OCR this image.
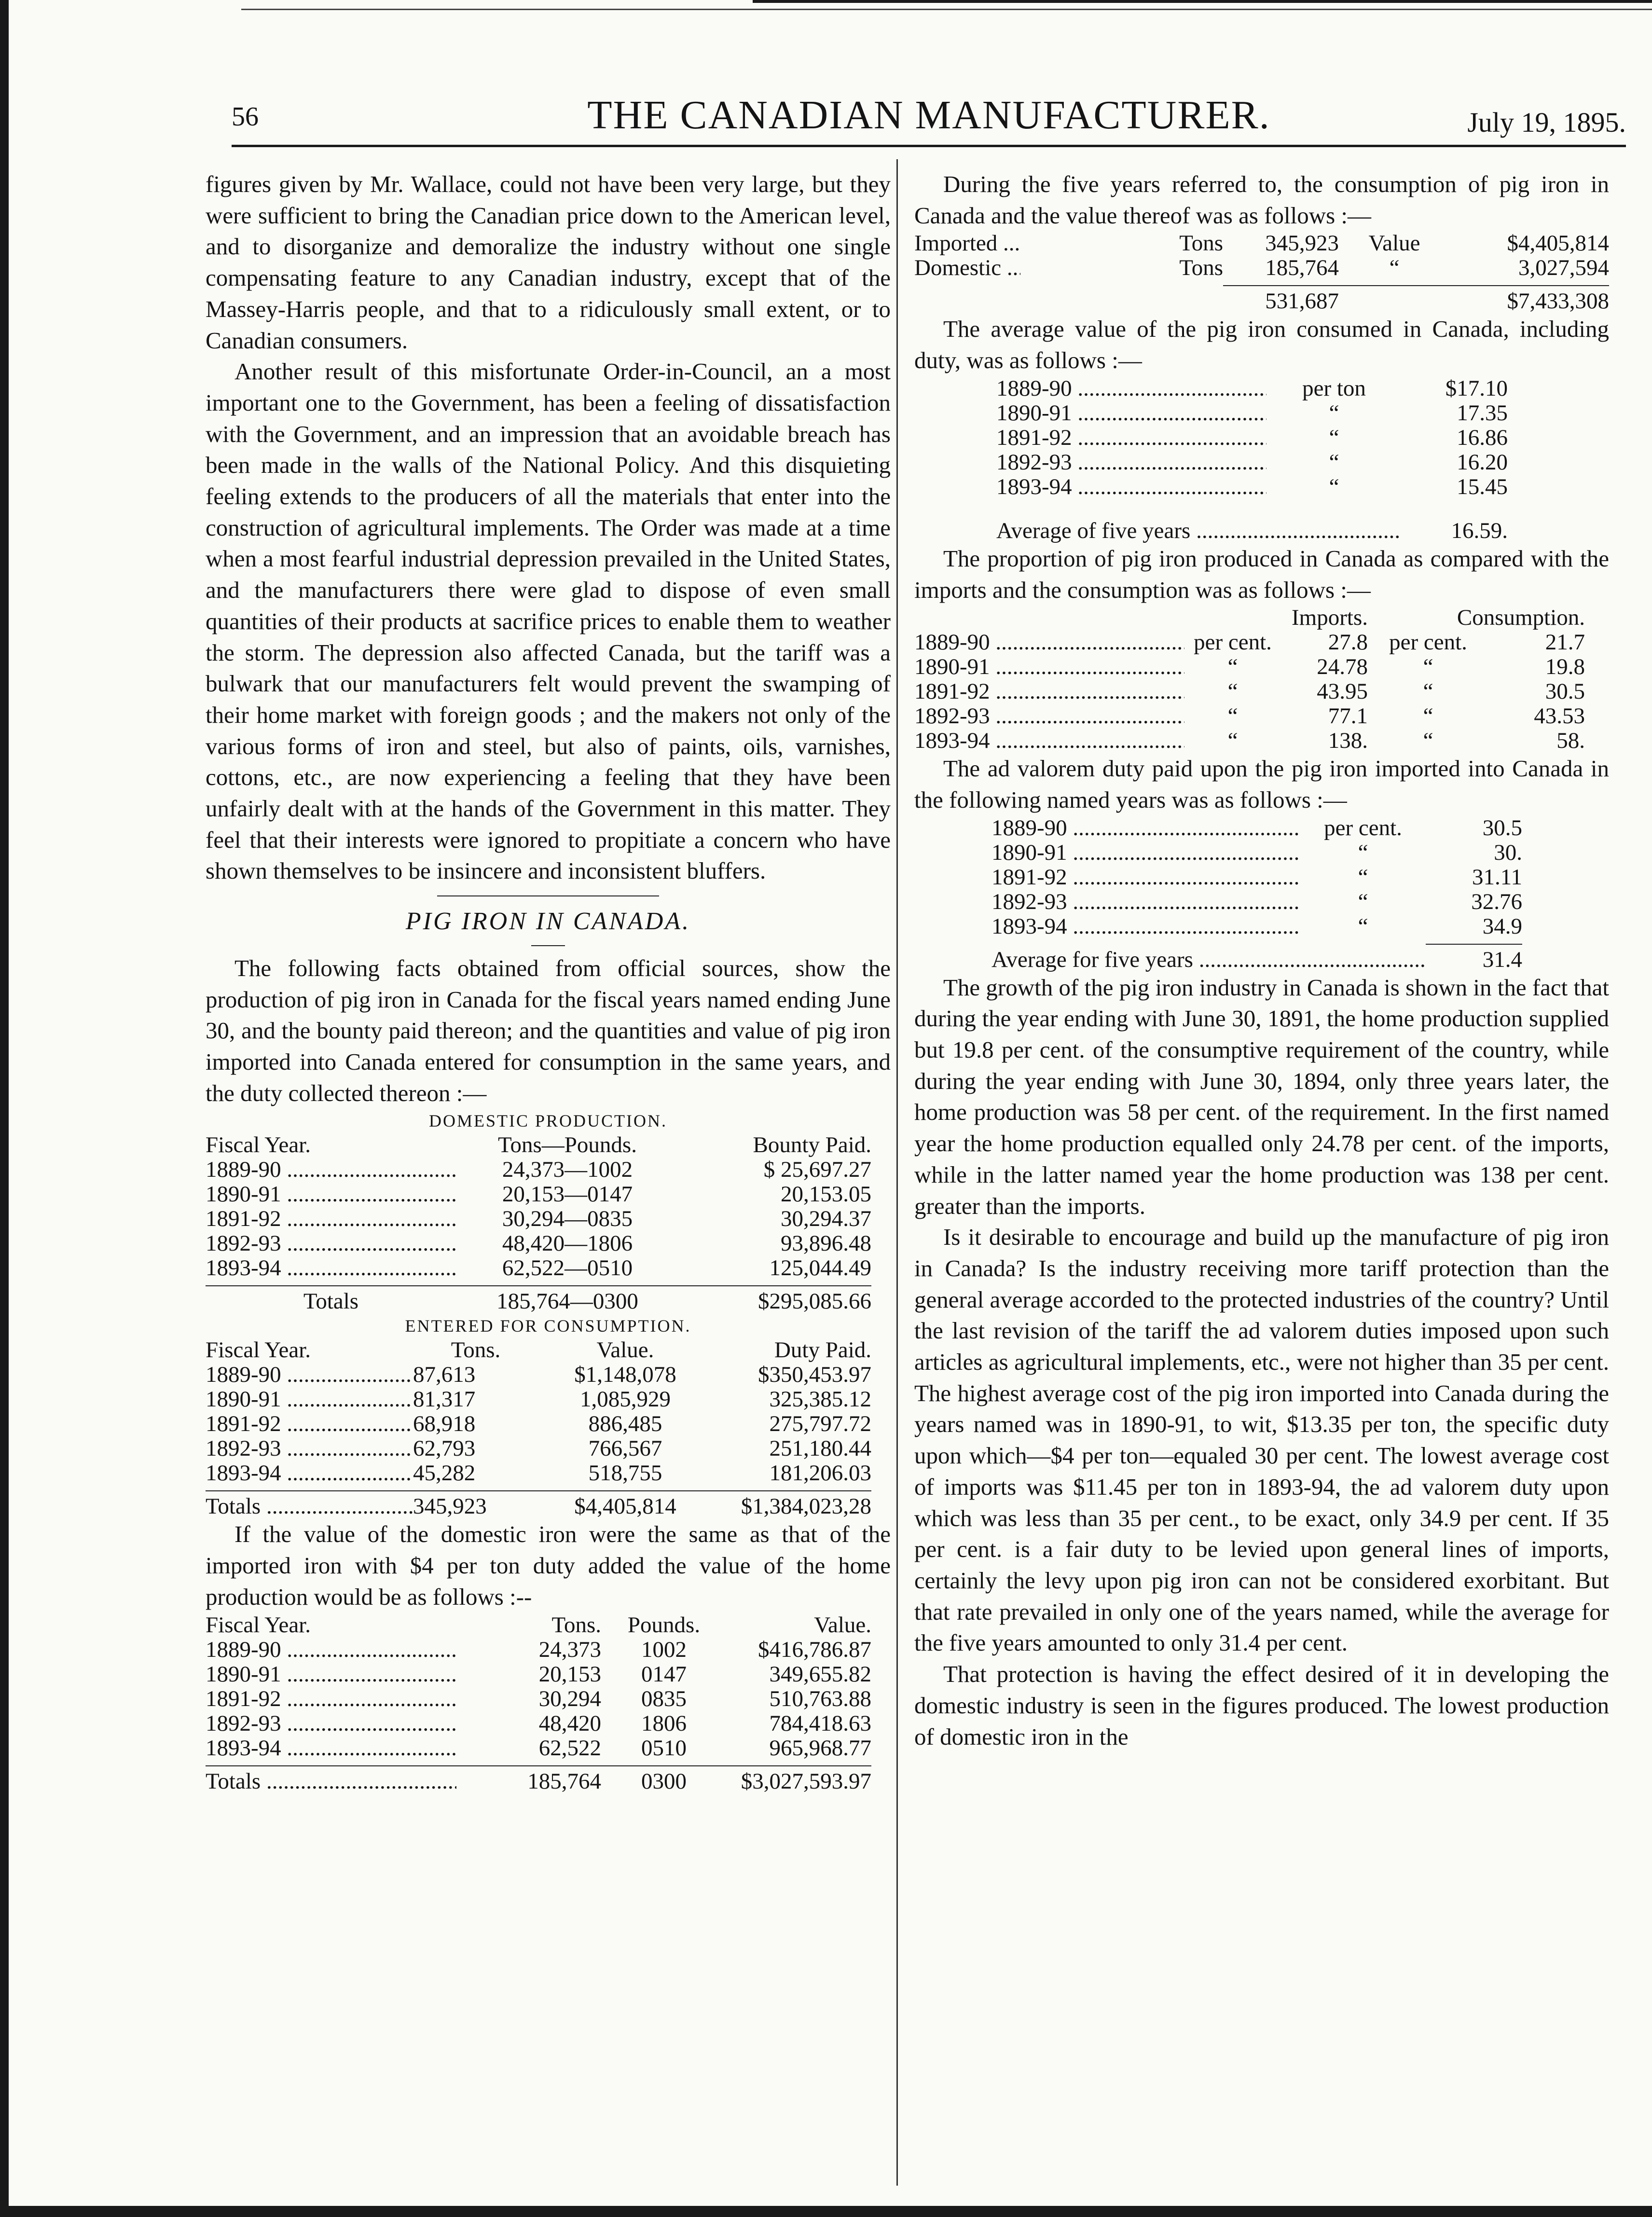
56	THE CANADIAN MANUFACTURER.	July 19, 1895.

figures given by Mr. Wallace, could not have been very large, but they were sufficient to bring the Canadian price down to the American level, and to disorganize and demoralize the industry without one single compensating feature to any Canadian industry, except that of the Massey-Harris people, and that to a ridiculously small extent, or to Canadian consumers.

Another result of this misfortunate Order-in-Council, an a most important one to the Government, has been a feeling of dissatisfaction with the Government, and an impression that an avoidable breach has been made in the walls of the National Policy. And this disquieting feeling extends to the producers of all the materials that enter into the construction of agricultural implements. The Order was made at a time when a most fearful industrial depression prevailed in the United States, and the manufacturers there were glad to dispose of even small quantities of their products at sacrifice prices to enable them to weather the storm. The depression also affected Canada, but the tariff was a bulwark that our manufacturers felt would prevent the swamping of their home market with foreign goods ; and the makers not only of the various forms of iron and steel, but also of paints, oils, varnishes, cottons, etc., are now experiencing a feeling that they have been unfairly dealt with at the hands of the Government in this matter. They feel that their interests were ignored to propitiate a concern who have shown themselves to be insincere and inconsistent bluffers.

PIG IRON IN CANADA.

The following facts obtained from official sources, show the production of pig iron in Canada for the fiscal years named ending June 30, and the bounty paid thereon; and the quantities and value of pig iron imported into Canada entered for consumption in the same years, and the duty collected thereon :—

DOMESTIC PRODUCTION.
Fiscal Year.	Tons—Pounds.	Bounty Paid.
1889-90 .....	24,373—1002	$ 25,697.27
1890-91 .....	20,153—0147	20,153.05
1891-92 .....	30,294—0835	30,294.37
1892-93 .....	48,420—1806	93,896.48
1893-94 .....	62,522—0510	125,044.49
Totals	185,764—0300	$295,085.66
ENTERED FOR CONSUMPTION.
Fiscal Year.	Tons.	Value.	Duty Paid.
1889-90 .....	87,613	$1,148,078	$350,453.97
1890-91 .....	81,317	1,085,929	325,385.12
1891-92 .....	68,918	886,485	275,797.72
1892-93 .....	62,793	766,567	251,180.44
1893-94 .....	45,282	518,755	181,206.03
Totals .....	345,923	$4,405,814	$1,384,023,28

If the value of the domestic iron were the same as that of the imported iron with $4 per ton duty added the value of the home production would be as follows :--

Fiscal Year.	Tons.	Pounds.	Value.
1889-90 .....	24,373	1002	$416,786.87
1890-91 .....	20,153	0147	349,655.82
1891-92 .....	30,294	0835	510,763.88
1892-93 .....	48,420	1806	784,418.63
1893-94 .....	62,522	0510	965,968.77
Totals .....	185,764	0300	$3,027,593.97

During the five years referred to, the consumption of pig iron in Canada and the value thereof was as follows :—

Imported .....	Tons	345,923	Value	$4,405,814
Domestic .....	Tons	185,764	“	3,027,594
531,687	$7,433,308

The average value of the pig iron consumed in Canada, including duty, was as follows :—

1889-90 .....	per ton	$17.10
1890-91 .....	“	17.35
1891-92 .....	“	16.86
1892-93 .....	“	16.20
1893-94 .....	“	15.45
Average of five years .....	16.59.

The proportion of pig iron produced in Canada as compared with the imports and the consumption was as follows :—

Imports.	Consumption.
1889-90 .....	per cent.	27.8 per cent.	21.7
1890-91 .....	“	24.78	“	19.8
1891-92 .....	“	43.95	“	30.5
1892-93 .....	“	77.1	“	43.53
1893-94 .....	“	138.	“	58.

The ad valorem duty paid upon the pig iron imported into Canada in the following named years was as follows :—

1889-90 .....	per cent.	30.5
1890-91 .....	“	30.
1891-92 .....	“	31.11
1892-93 .....	“	32.76
1893-94 .....	“	34.9
Average for five years .....	31.4

The growth of the pig iron industry in Canada is shown in the fact that during the year ending with June 30, 1891, the home production supplied but 19.8 per cent. of the consumptive requirement of the country, while during the year ending with June 30, 1894, only three years later, the home production was 58 per cent. of the requirement. In the first named year the home production equalled only 24.78 per cent. of the imports, while in the latter named year the home production was 138 per cent. greater than the imports.

Is it desirable to encourage and build up the manufacture of pig iron in Canada? Is the industry receiving more tariff protection than the general average accorded to the protected industries of the country? Until the last revision of the tariff the ad valorem duties imposed upon such articles as agricultural implements, etc., were not higher than 35 per cent. The highest average cost of the pig iron imported into Canada during the years named was in 1890-91, to wit, $13.35 per ton, the specific duty upon which—$4 per ton—equaled 30 per cent. The lowest average cost of imports was $11.45 per ton in 1893-94, the ad valorem duty upon which was less than 35 per cent., to be exact, only 34.9 per cent. If 35 per cent. is a fair duty to be levied upon general lines of imports, certainly the levy upon pig iron can not be considered exorbitant. But that rate prevailed in only one of the years named, while the average for the five years amounted to only 31.4 per cent.

That protection is having the effect desired of it in developing the domestic industry is seen in the figures produced. The lowest production of domestic iron in the
